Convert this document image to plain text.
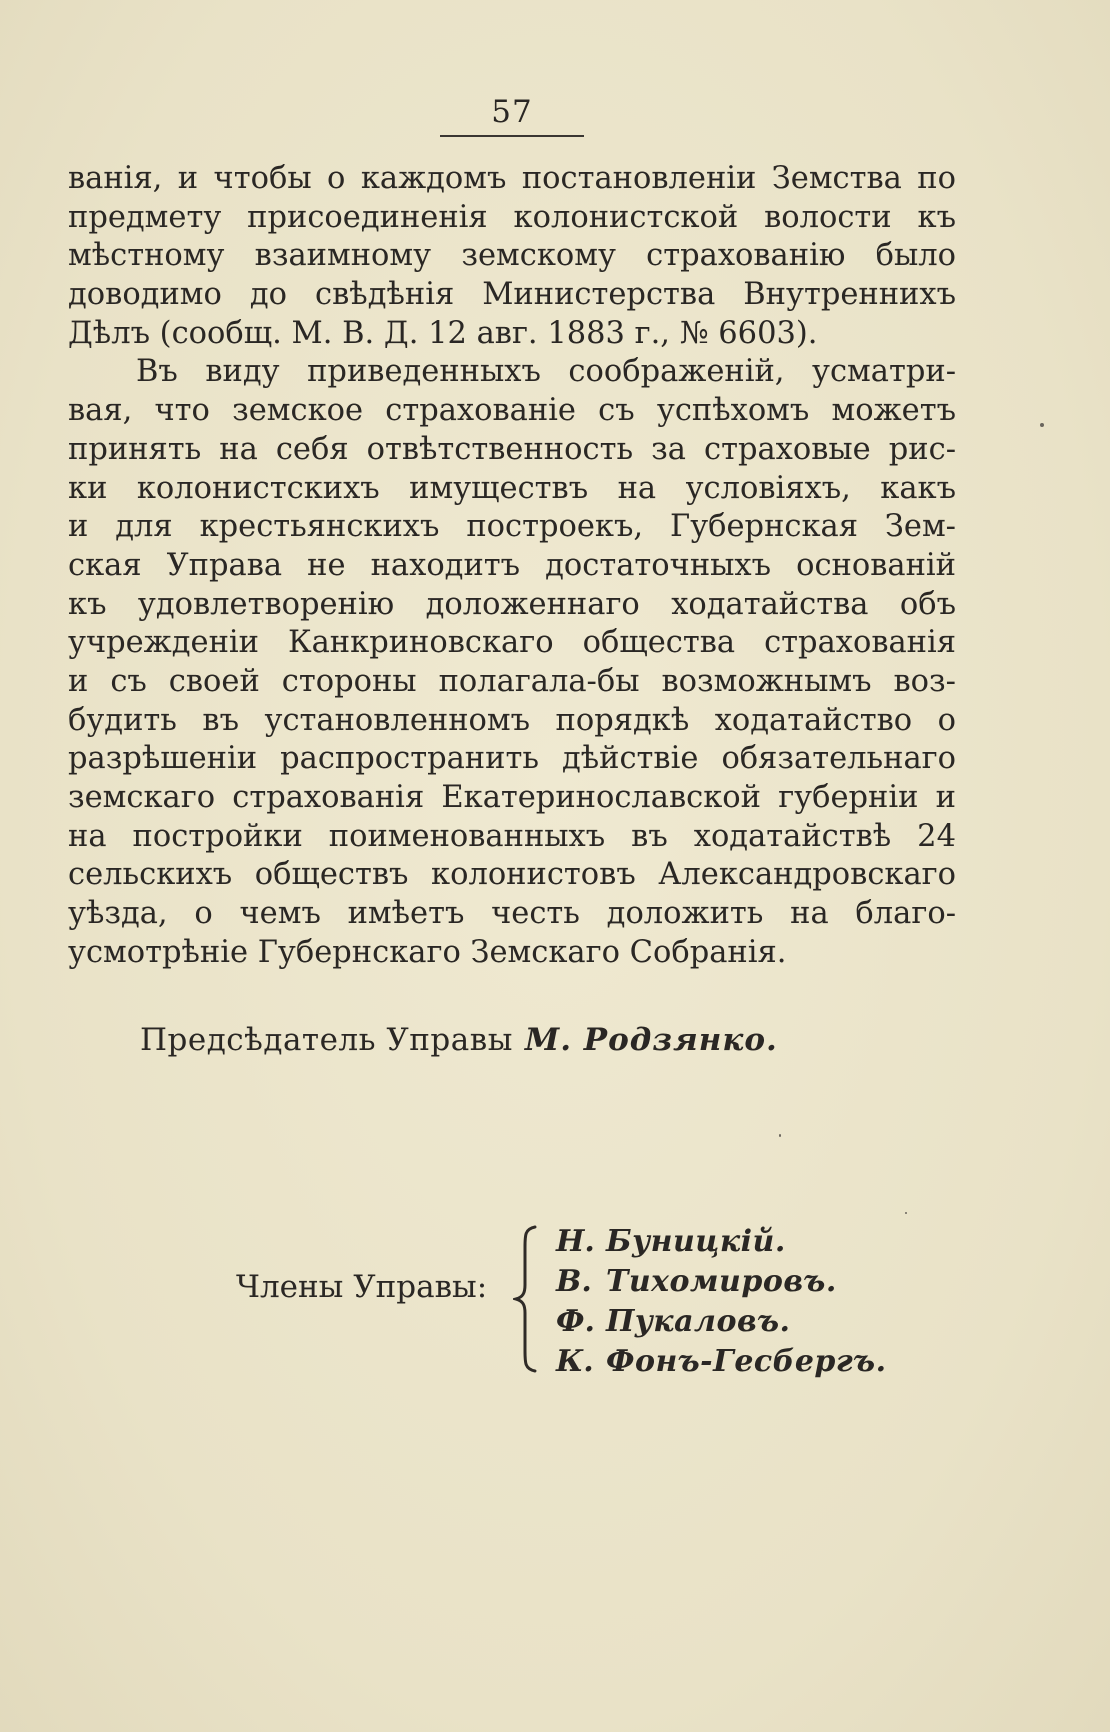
57
ванія, и чтобы о каждомъ постановленіи Земства по
предмету присоединенія колонистской волости къ
мѣстному взаимному земскому страхованію было
доводимо до свѣдѣнія Министерства Внутреннихъ
Дѣлъ (сообщ. М. В. Д. 12 авг. 1883 г., № 6603).
Въ виду приведенныхъ соображеній, усматри-
вая, что земское страхованіе съ успѣхомъ можетъ
принять на себя отвѣтственность за страховые рис-
ки колонистскихъ имуществъ на условіяхъ, какъ
и для крестьянскихъ построекъ, Губернская Зем-
ская Управа не находитъ достаточныхъ основаній
къ удовлетворенію доложеннаго ходатайства объ
учрежденіи Канкриновскаго общества страхованія
и съ своей стороны полагала-бы возможнымъ воз-
будить въ установленномъ порядкѣ ходатайство о
разрѣшеніи распространить дѣйствіе обязательнаго
земскаго страхованія Екатеринославской губерніи и
на постройки поименованныхъ въ ходатайствѣ 24
сельскихъ обществъ колонистовъ Александровскаго
уѣзда, о чемъ имѣетъ честь доложить на благо-
усмотрѣніе Губернскаго Земскаго Собранія.
Предсѣдатель Управы М. Родзянко.
Члены Управы:
Н. Буницкій.
В. Тихомировъ.
Ф. Пукаловъ.
К. Фонъ-Гесбергъ.
